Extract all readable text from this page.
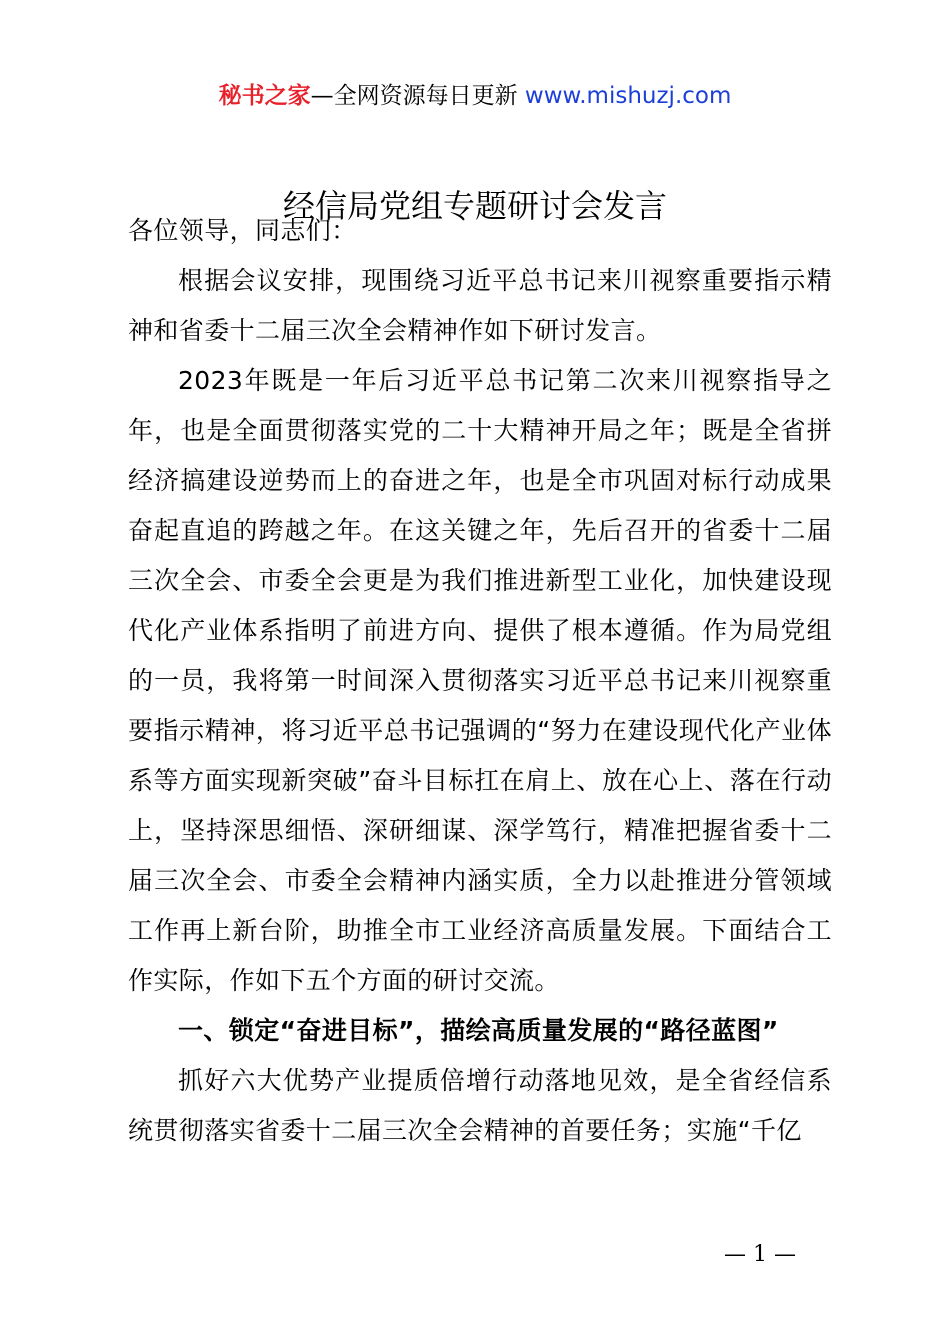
秘书之家—全网资源每日更新 www.mishuzj.com
经信局党组专题研讨会发言

各位领导，同志们：

根据会议安排，现围绕习近平总书记来川视察重要指示精神和省委十二届三次全会精神作如下研讨发言。

2023年既是一年后习近平总书记第二次来川视察指导之年，也是全面贯彻落实党的二十大精神开局之年；既是全省拼经济搞建设逆势而上的奋进之年，也是全市巩固对标行动成果奋起直追的跨越之年。在这关键之年，先后召开的省委十二届三次全会、市委全会更是为我们推进新型工业化，加快建设现代化产业体系指明了前进方向、提供了根本遵循。作为局党组的一员，我将第一时间深入贯彻落实习近平总书记来川视察重要指示精神，将习近平总书记强调的“努力在建设现代化产业体系等方面实现新突破”奋斗目标扛在肩上、放在心上、落在行动上，坚持深思细悟、深研细谋、深学笃行，精准把握省委十二届三次全会、市委全会精神内涵实质，全力以赴推进分管领域工作再上新台阶，助推全市工业经济高质量发展。下面结合工作实际，作如下五个方面的研讨交流。

一、锁定“奋进目标”，描绘高质量发展的“路径蓝图”

抓好六大优势产业提质倍增行动落地见效，是全省经信系统贯彻落实省委十二届三次全会精神的首要任务；实施“千亿

— 1 —
